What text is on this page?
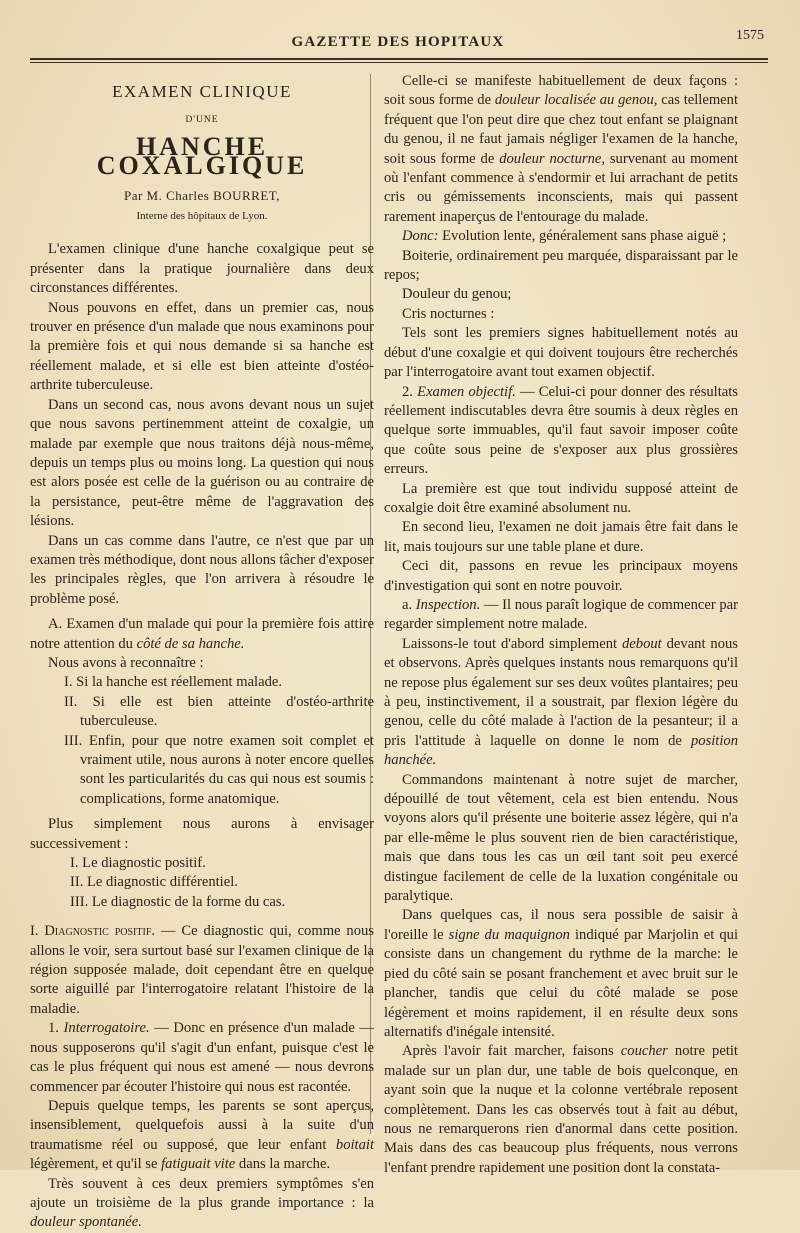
GAZETTE DES HOPITAUX	1575
EXAMEN CLINIQUE
D'UNE
HANCHE COXALGIQUE
Par M. Charles BOURRET,
Interne des hôpitaux de Lyon.

L'examen clinique d'une hanche coxalgique peut se présenter dans la pratique journalière dans deux circonstances différentes.

Nous pouvons en effet, dans un premier cas, nous trouver en présence d'un malade que nous examinons pour la première fois et qui nous demande si sa hanche est réellement malade, et si elle est bien atteinte d'ostéo-arthrite tuberculeuse.

Dans un second cas, nous avons devant nous un sujet que nous savons pertinemment atteint de coxalgie, un malade par exemple que nous traitons déjà nous-même, depuis un temps plus ou moins long. La question qui nous est alors posée est celle de la guérison ou au contraire de la persistance, peut-être même de l'aggravation des lésions.

Dans un cas comme dans l'autre, ce n'est que par un examen très méthodique, dont nous allons tâcher d'exposer les principales règles, que l'on arrivera à résoudre le problème posé.

A. Examen d'un malade qui pour la première fois attire notre attention du côté de sa hanche.

Nous avons à reconnaître :

I. Si la hanche est réellement malade.
II. Si elle est bien atteinte d'ostéo-arthrite tuberculeuse.
III. Enfin, pour que notre examen soit complet et vraiment utile, nous aurons à noter encore quelles sont les particularités du cas qui nous est soumis : complications, forme anatomique.

Plus simplement nous aurons à envisager successivement :

I. Le diagnostic positif.
II. Le diagnostic différentiel.
III. Le diagnostic de la forme du cas.

I. Diagnostic positif. — Ce diagnostic qui, comme nous allons le voir, sera surtout basé sur l'examen clinique de la région supposée malade, doit cependant être en quelque sorte aiguillé par l'interrogatoire relatant l'histoire de la maladie.

1. Interrogatoire. — Donc en présence d'un malade — nous supposerons qu'il s'agit d'un enfant, puisque c'est le cas le plus fréquent qui nous est amené — nous devrons commencer par écouter l'histoire qui nous est racontée.

Depuis quelque temps, les parents se sont aperçus, insensiblement, quelquefois aussi à la suite d'un traumatisme réel ou supposé, que leur enfant boitait légèrement, et qu'il se fatiguait vite dans la marche.

Très souvent à ces deux premiers symptômes s'en ajoute un troisième de la plus grande importance : la douleur spontanée.

Celle-ci se manifeste habituellement de deux façons : soit sous forme de douleur localisée au genou, cas tellement fréquent que l'on peut dire que chez tout enfant se plaignant du genou, il ne faut jamais négliger l'examen de la hanche, soit sous forme de douleur nocturne, survenant au moment où l'enfant commence à s'endormir et lui arrachant de petits cris ou gémissements inconscients, mais qui passent rarement inaperçus de l'entourage du malade.

Donc: Evolution lente, généralement sans phase aiguë ;

Boiterie, ordinairement peu marquée, disparaissant par le repos;

Douleur du genou;

Cris nocturnes :

Tels sont les premiers signes habituellement notés au début d'une coxalgie et qui doivent toujours être recherchés par l'interrogatoire avant tout examen objectif.

2. Examen objectif. — Celui-ci pour donner des résultats réellement indiscutables devra être soumis à deux règles en quelque sorte immuables, qu'il faut savoir imposer coûte que coûte sous peine de s'exposer aux plus grossières erreurs.

La première est que tout individu supposé atteint de coxalgie doit être examiné absolument nu.

En second lieu, l'examen ne doit jamais être fait dans le lit, mais toujours sur une table plane et dure.

Ceci dit, passons en revue les principaux moyens d'investigation qui sont en notre pouvoir.

a. Inspection. — Il nous paraît logique de commencer par regarder simplement notre malade.

Laissons-le tout d'abord simplement debout devant nous et observons. Après quelques instants nous remarquons qu'il ne repose plus également sur ses deux voûtes plantaires; peu à peu, instinctivement, il a soustrait, par flexion légère du genou, celle du côté malade à l'action de la pesanteur; il a pris l'attitude à laquelle on donne le nom de position hanchée.

Commandons maintenant à notre sujet de marcher, dépouillé de tout vêtement, cela est bien entendu. Nous voyons alors qu'il présente une boiterie assez légère, qui n'a par elle-même le plus souvent rien de bien caractéristique, mais que dans tous les cas un œil tant soit peu exercé distingue facilement de celle de la luxation congénitale ou paralytique.

Dans quelques cas, il nous sera possible de saisir à l'oreille le signe du maquignon indiqué par Marjolin et qui consiste dans un changement du rythme de la marche: le pied du côté sain se posant franchement et avec bruit sur le plancher, tandis que celui du côté malade se pose légèrement et moins rapidement, il en résulte deux sons alternatifs d'inégale intensité.

Après l'avoir fait marcher, faisons coucher notre petit malade sur un plan dur, une table de bois quelconque, en ayant soin que la nuque et la colonne vertébrale reposent complètement. Dans les cas observés tout à fait au début, nous ne remarquerons rien d'anormal dans cette position. Mais dans des cas beaucoup plus fréquents, nous verrons l'enfant prendre rapidement une position dont la constata-
